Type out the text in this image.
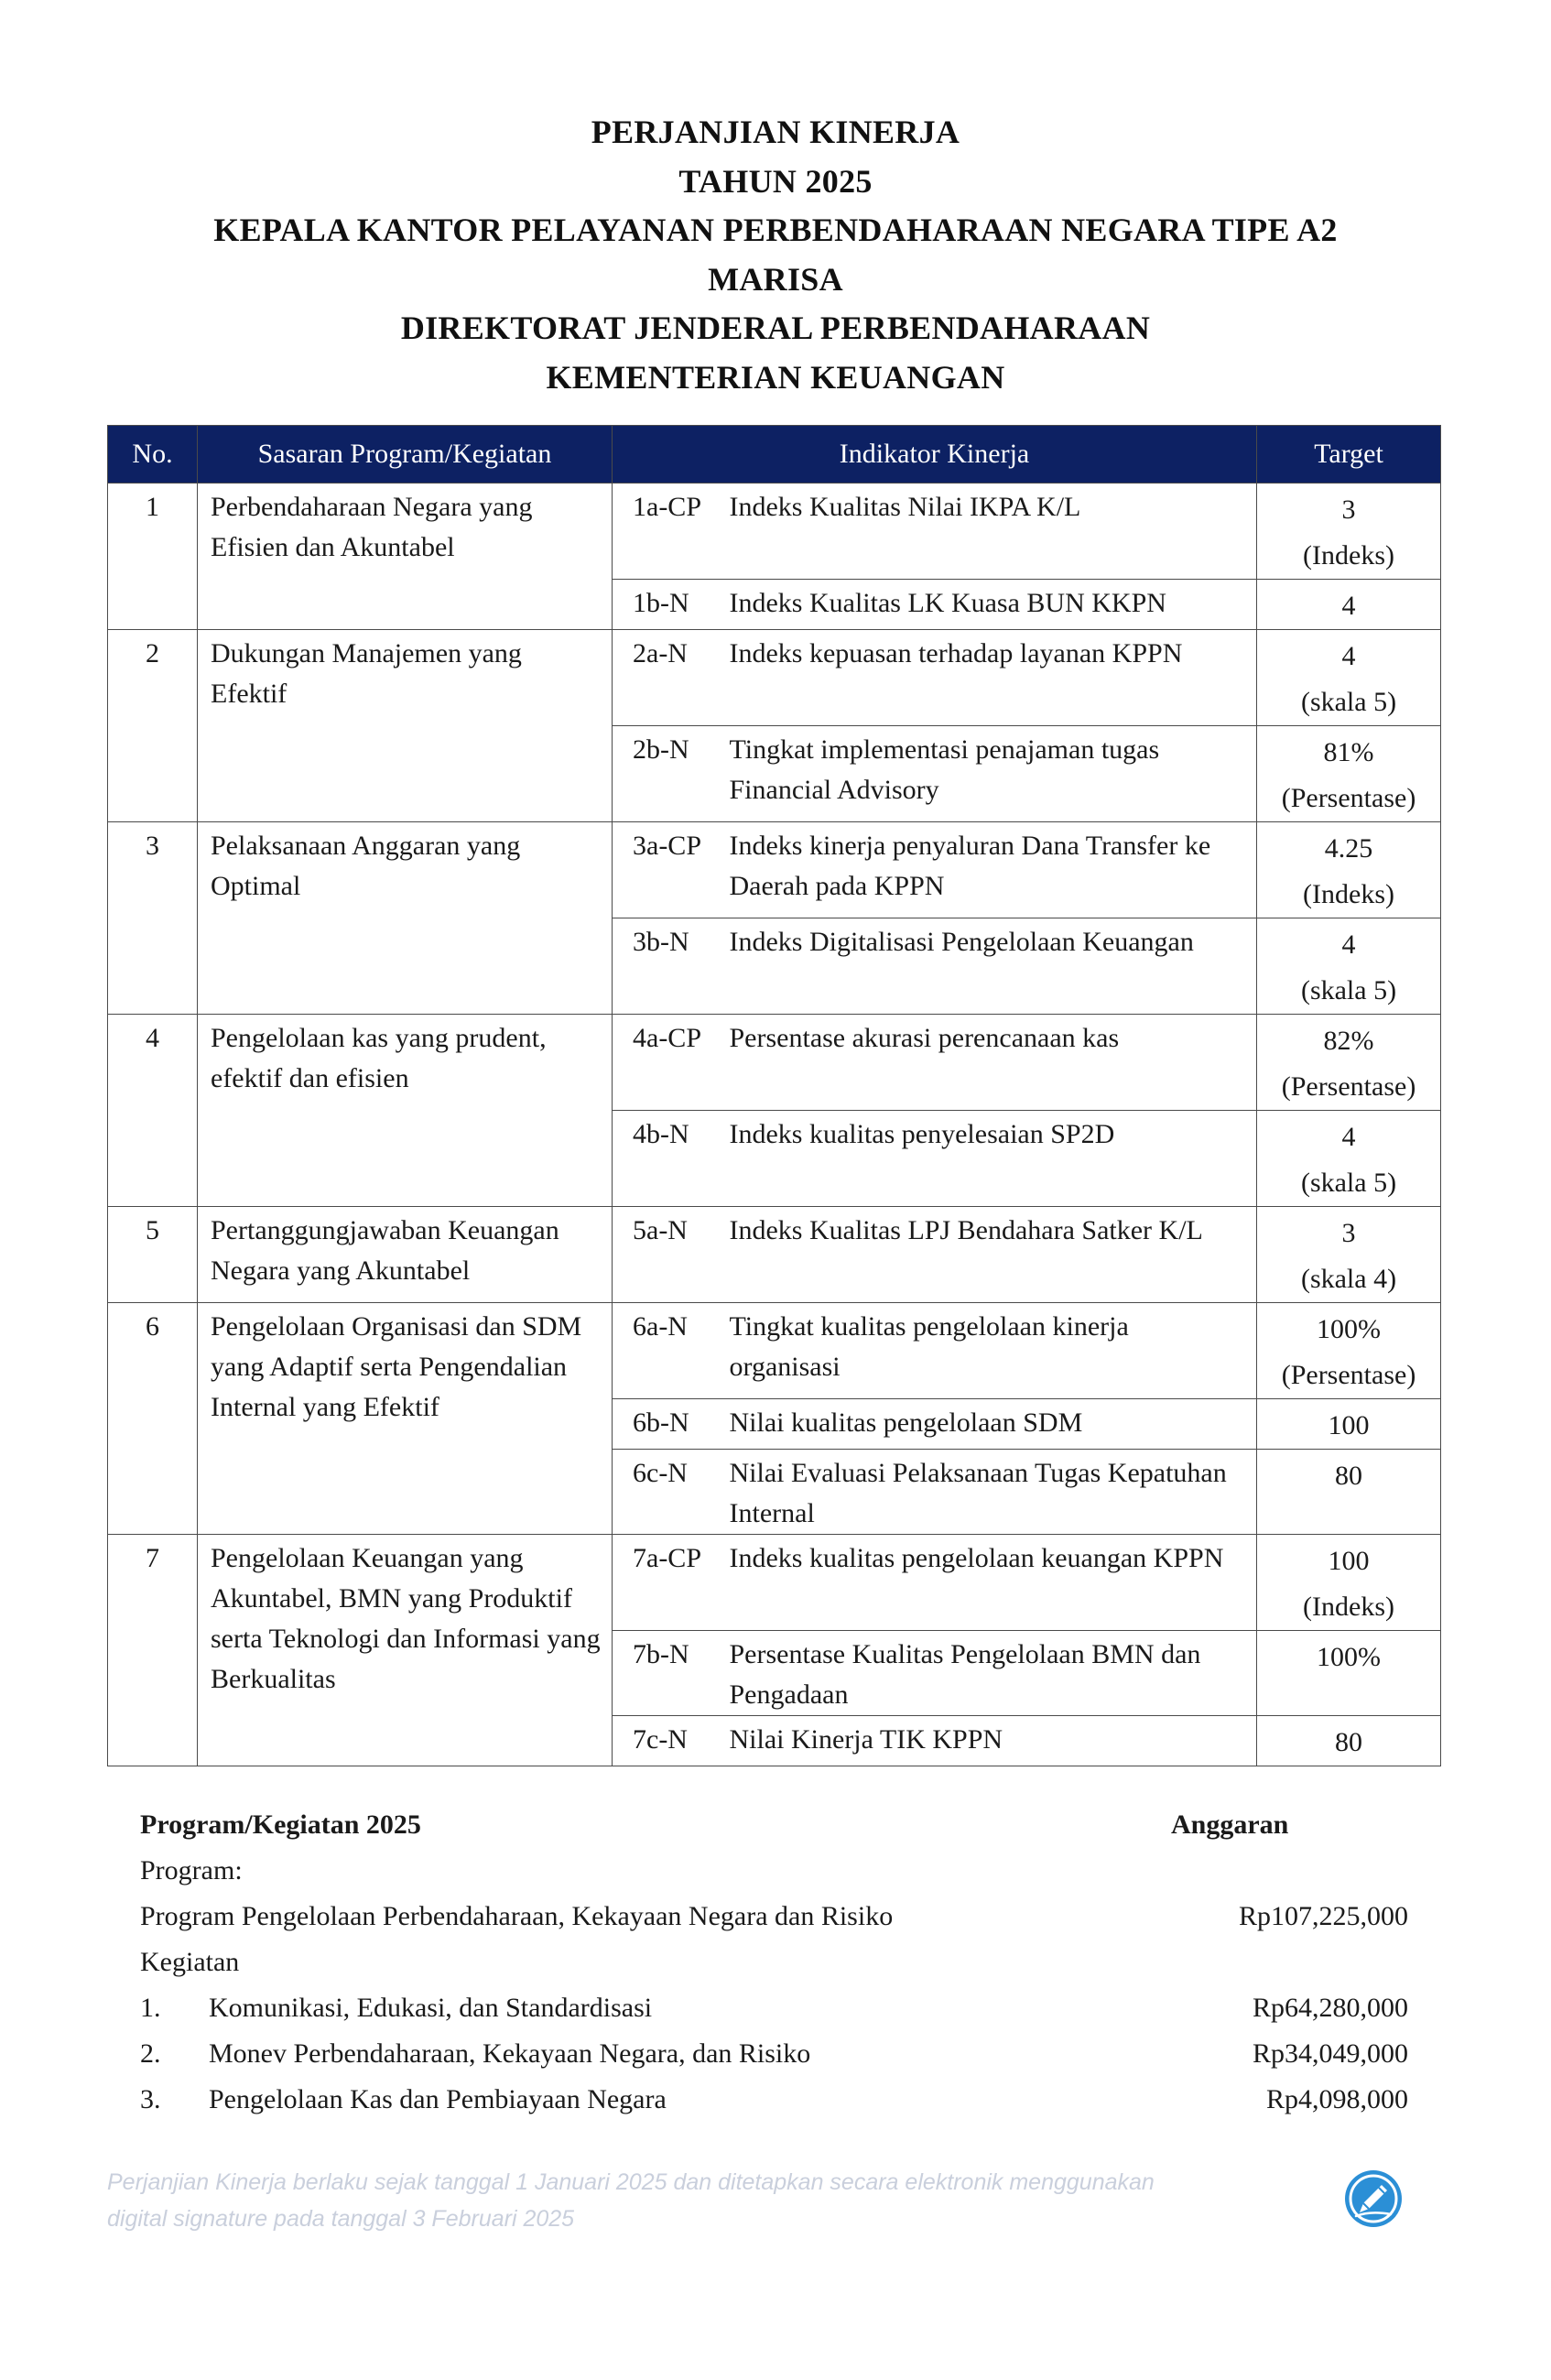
PERJANJIAN KINERJA
TAHUN 2025
KEPALA KANTOR PELAYANAN PERBENDAHARAAN NEGARA TIPE A2
MARISA
DIREKTORAT JENDERAL PERBENDAHARAAN
KEMENTERIAN KEUANGAN
No.	Sasaran Program/Kegiatan	Indikator Kinerja		Target
1	Perbendaharaan Negara yang Efisien dan Akuntabel	1a-CP	Indeks Kualitas Nilai IKPA K/L	3
(Indeks)

		1b-N	Indeks Kualitas LK Kuasa BUN KKPN	4

2	Dukungan Manajemen yang Efektif	2a-N	Indeks kepuasan terhadap layanan KPPN	4
(skala 5)

		2b-N	Tingkat implementasi penajaman tugas Financial Advisory	81%
(Persentase)

3	Pelaksanaan Anggaran yang Optimal	3a-CP	Indeks kinerja penyaluran Dana Transfer ke Daerah pada KPPN	4.25
(Indeks)

		3b-N	Indeks Digitalisasi Pengelolaan Keuangan	4
(skala 5)

4	Pengelolaan kas yang prudent, efektif dan efisien	4a-CP	Persentase akurasi perencanaan kas	82%
(Persentase)

		4b-N	Indeks kualitas penyelesaian SP2D	4
(skala 5)

5	Pertanggungjawaban Keuangan Negara yang Akuntabel	5a-N	Indeks Kualitas LPJ Bendahara Satker K/L	3
(skala 4)

6	Pengelolaan Organisasi dan SDM yang Adaptif serta Pengendalian Internal yang Efektif	6a-N	Tingkat kualitas pengelolaan kinerja organisasi	100%
(Persentase)

		6b-N	Nilai kualitas pengelolaan SDM	100

		6c-N	Nilai Evaluasi Pelaksanaan Tugas Kepatuhan Internal	80

7	Pengelolaan Keuangan yang Akuntabel, BMN yang Produktif serta Teknologi dan Informasi yang Berkualitas	7a-CP	Indeks kualitas pengelolaan keuangan KPPN	100
(Indeks)

		7b-N	Persentase Kualitas Pengelolaan BMN dan Pengadaan	100%

		7c-N	Nilai Kinerja TIK KPPN	80
Program/Kegiatan 2025	Anggaran
Program:
Program Pengelolaan Perbendaharaan, Kekayaan Negara dan Risiko	Rp107,225,000
Kegiatan
1. Komunikasi, Edukasi, dan Standardisasi	Rp64,280,000
2. Monev Perbendaharaan, Kekayaan Negara, dan Risiko	Rp34,049,000
3. Pengelolaan Kas dan Pembiayaan Negara	Rp4,098,000
Perjanjian Kinerja berlaku sejak tanggal 1 Januari 2025 dan ditetapkan secara elektronik menggunakan
digital signature pada tanggal 3 Februari 2025
